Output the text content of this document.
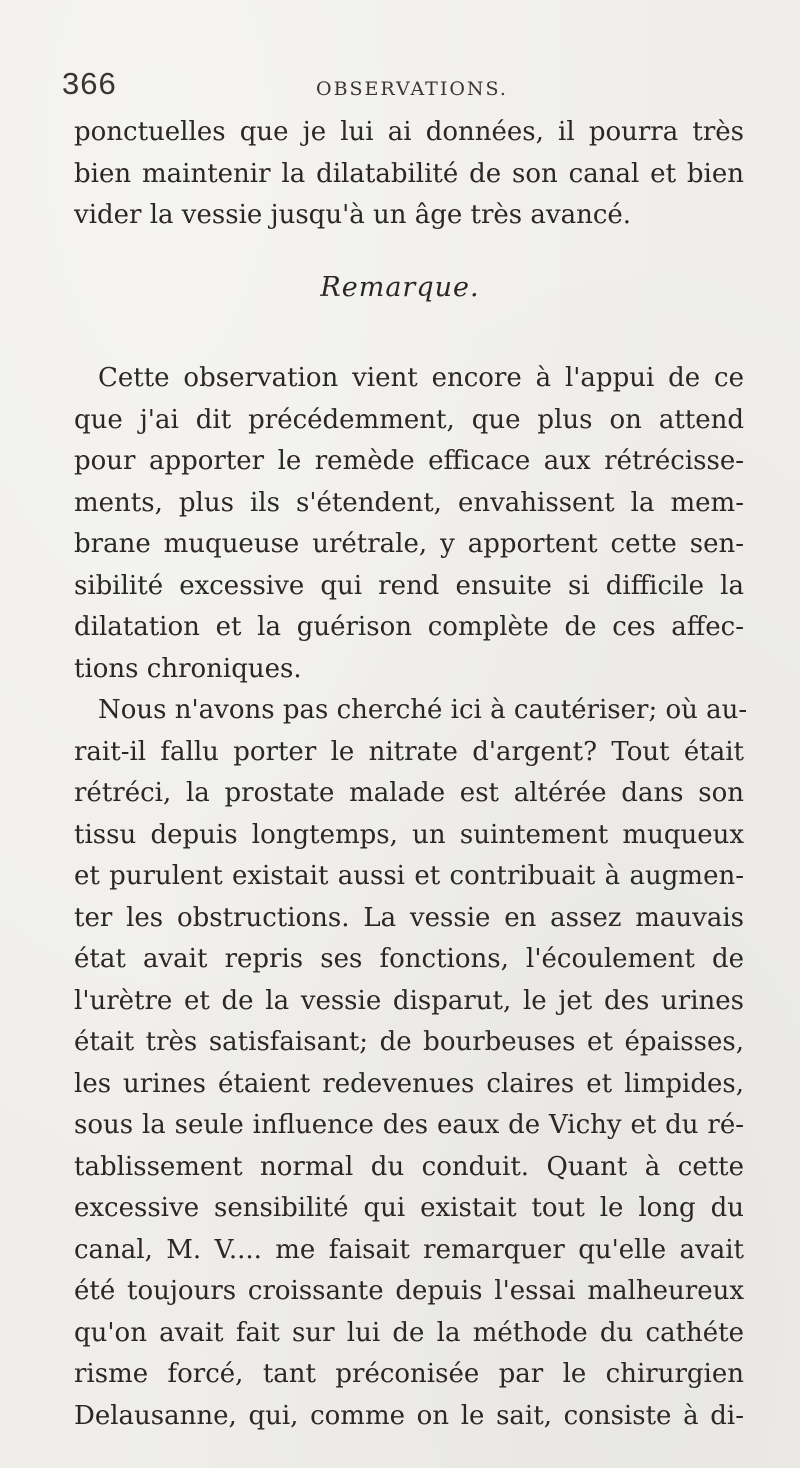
366	OBSERVATIONS.
ponctuelles que je lui ai données, il pourra très
bien maintenir la dilatabilité de son canal et bien
vider la vessie jusqu'à un âge très avancé.
Remarque.
Cette observation vient encore à l'appui de ce
que j'ai dit précédemment, que plus on attend
pour apporter le remède efficace aux rétrécisse-
ments, plus ils s'étendent, envahissent la mem-
brane muqueuse urétrale, y apportent cette sen-
sibilité excessive qui rend ensuite si difficile la
dilatation et la guérison complète de ces affec-
tions chroniques.
Nous n'avons pas cherché ici à cautériser; où au-
rait-il fallu porter le nitrate d'argent? Tout était
rétréci, la prostate malade est altérée dans son
tissu depuis longtemps, un suintement muqueux
et purulent existait aussi et contribuait à augmen-
ter les obstructions. La vessie en assez mauvais
état avait repris ses fonctions, l'écoulement de
l'urètre et de la vessie disparut, le jet des urines
était très satisfaisant; de bourbeuses et épaisses,
les urines étaient redevenues claires et limpides,
sous la seule influence des eaux de Vichy et du ré-
tablissement normal du conduit. Quant à cette
excessive sensibilité qui existait tout le long du
canal, M. V.... me faisait remarquer qu'elle avait
été toujours croissante depuis l'essai malheureux
qu'on avait fait sur lui de la méthode du cathéte
risme forcé, tant préconisée par le chirurgien
Delausanne, qui, comme on le sait, consiste à di-
